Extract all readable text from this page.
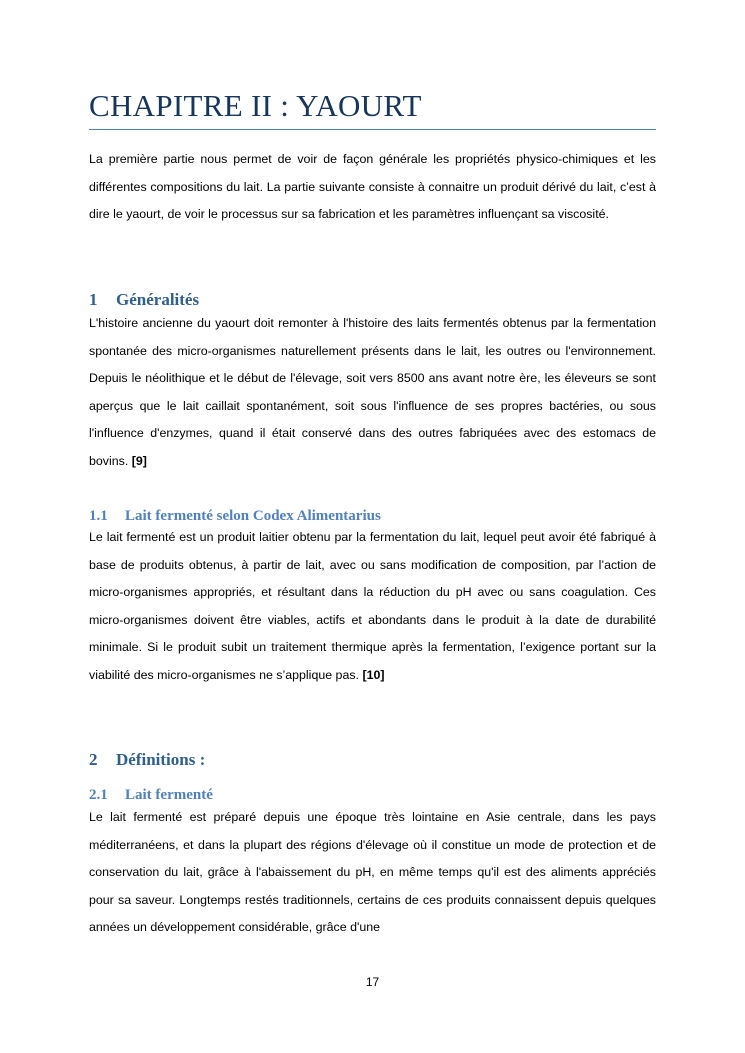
CHAPITRE II : YAOURT

La première partie nous permet de voir de façon générale les propriétés physico-chimiques et les différentes compositions du lait. La partie suivante consiste à connaitre un produit dérivé du lait, c’est à dire le yaourt, de voir le processus sur sa fabrication et les paramètres influençant sa viscosité.

1 Généralités

L'histoire ancienne du yaourt doit remonter à l'histoire des laits fermentés obtenus par la fermentation spontanée des micro-organismes naturellement présents dans le lait, les outres ou l'environnement. Depuis le néolithique et le début de l'élevage, soit vers 8500 ans avant notre ère, les éleveurs se sont aperçus que le lait caillait spontanément, soit sous l'influence de ses propres bactéries, ou sous l'influence d'enzymes, quand il était conservé dans des outres fabriquées avec des estomacs de bovins. [9]

1.1 Lait fermenté selon Codex Alimentarius

Le lait fermenté est un produit laitier obtenu par la fermentation du lait, lequel peut avoir été fabriqué à base de produits obtenus, à partir de lait, avec ou sans modification de composition, par l’action de micro-organismes appropriés, et résultant dans la réduction du pH avec ou sans coagulation. Ces micro-organismes doivent être viables, actifs et abondants dans le produit à la date de durabilité minimale. Si le produit subit un traitement thermique après la fermentation, l’exigence portant sur la viabilité des micro-organismes ne s’applique pas. [10]

2 Définitions :
2.1 Lait fermenté

Le lait fermenté est préparé depuis une époque très lointaine en Asie centrale, dans les pays méditerranéens, et dans la plupart des régions d'élevage où il constitue un mode de protection et de conservation du lait, grâce à l'abaissement du pH, en même temps qu'il est des aliments appréciés pour sa saveur. Longtemps restés traditionnels, certains de ces produits connaissent depuis quelques années un développement considérable, grâce d'une

17
